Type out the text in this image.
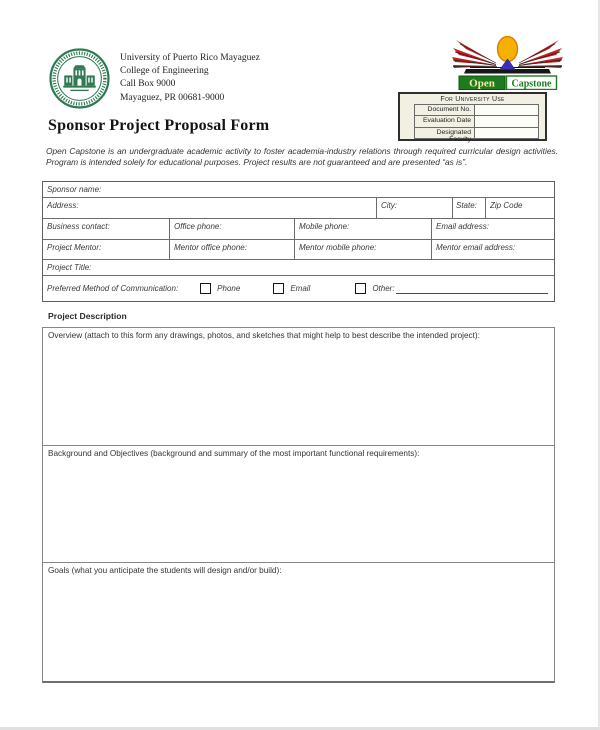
University of Puerto Rico Mayaguez
College of Engineering
Call Box 9000
Mayaguez, PR 00681-9000
Open Capstone
For University Use
Document No.
Evaluation Date
Designated Faculty
Sponsor Project Proposal Form

Open Capstone is an undergraduate academic activity to foster academia-industry relations through required curricular design activities. Program is intended solely for educational purposes. Project results are not guaranteed and are presented “as is”.

Sponsor name:
Address:	City:	State:	Zip Code
Business contact:	Office phone:	Mobile phone:	Email address:
Project Mentor:	Mentor office phone:	Mentor mobile phone:	Mentor email address:
Project Title:
Preferred Method of Communication:	Phone	Email	Other:
Project Description
Overview (attach to this form any drawings, photos, and sketches that might help to best describe the intended project):
Background and Objectives (background and summary of the most important functional requirements):
Goals (what you anticipate the students will design and/or build):
